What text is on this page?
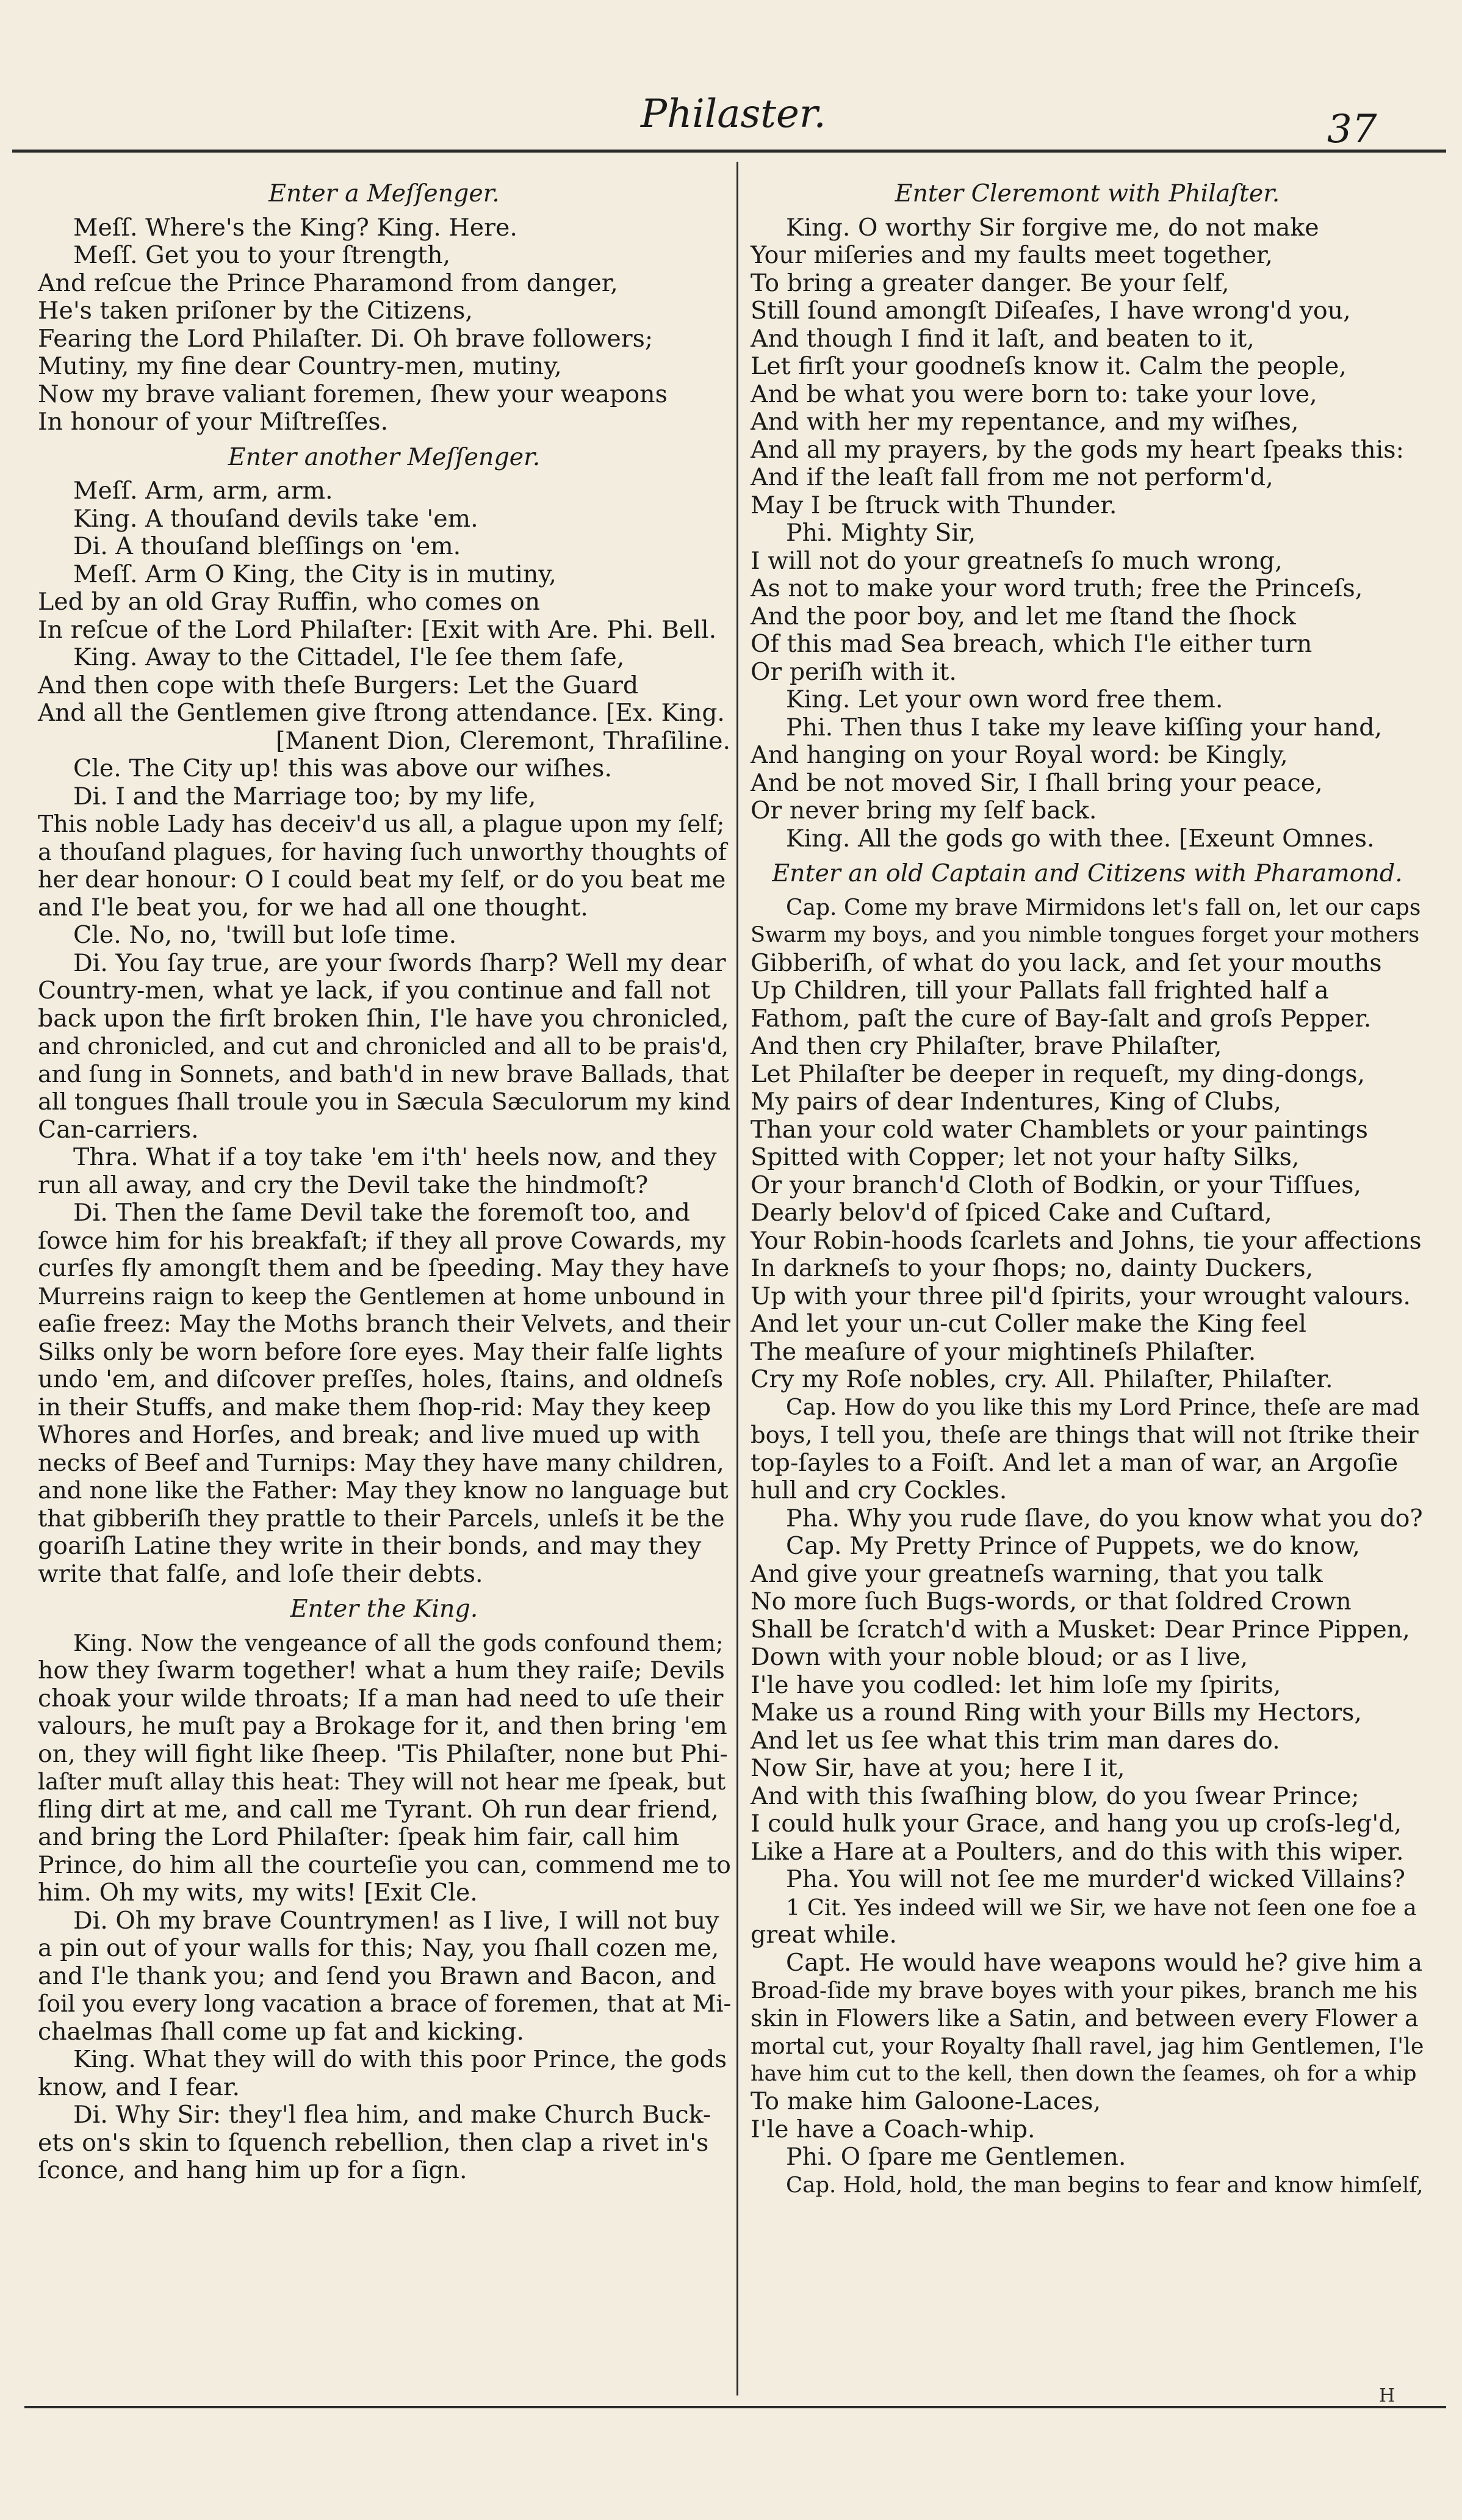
Philaster.	37
Enter a Meſſenger.
Meſſ. Where's the King? King. Here.
Meſſ. Get you to your ſtrength,
And reſcue the Prince Pharamond from danger,
He's taken priſoner by the Citizens,
Fearing the Lord Philaſter. Di. Oh brave followers;
Mutiny, my fine dear Country-men, mutiny,
Now my brave valiant foremen, ſhew your weapons
In honour of your Miſtreſſes.
Enter another Meſſenger.
Meſſ. Arm, arm, arm.
King. A thouſand devils take 'em.
Di. A thouſand bleſſings on 'em.
Meſſ. Arm O King, the City is in mutiny,
Led by an old Gray Ruffin, who comes on
In reſcue of the Lord Philaſter: [Exit with Are. Phi. Bell.
King. Away to the Cittadel, I'le ſee them ſafe,
And then cope with theſe Burgers: Let the Guard
And all the Gentlemen give ſtrong attendance. [Ex. King.
[Manent Dion, Cleremont, Thraſiline.
Cle. The City up! this was above our wiſhes.
Di. I and the Marriage too; by my life,
This noble Lady has deceiv'd us all, a plague upon my ſelf;
a thouſand plagues, for having ſuch unworthy thoughts of
her dear honour: O I could beat my ſelf, or do you beat me
and I'le beat you, for we had all one thought.
Cle. No, no, 'twill but loſe time.
Di. You ſay true, are your ſwords ſharp? Well my dear
Country-men, what ye lack, if you continue and fall not
back upon the firſt broken ſhin, I'le have you chronicled,
and chronicled, and cut and chronicled and all to be prais'd,
and ſung in Sonnets, and bath'd in new brave Ballads, that
all tongues ſhall troule you in Sæcula Sæculorum my kind
Can-carriers.
Thra. What if a toy take 'em i'th' heels now, and they
run all away, and cry the Devil take the hindmoſt?
Di. Then the ſame Devil take the foremoſt too, and
ſowce him for his breakfaſt; if they all prove Cowards, my
curſes fly amongſt them and be ſpeeding. May they have
Murreins raign to keep the Gentlemen at home unbound in
eaſie freez: May the Moths branch their Velvets, and their
Silks only be worn before ſore eyes. May their falſe lights
undo 'em, and diſcover preſſes, holes, ſtains, and oldneſs
in their Stuffs, and make them ſhop-rid: May they keep
Whores and Horſes, and break; and live mued up with
necks of Beef and Turnips: May they have many children,
and none like the Father: May they know no language but
that gibberiſh they prattle to their Parcels, unleſs it be the
goariſh Latine they write in their bonds, and may they
write that falſe, and loſe their debts.
Enter the King.
King. Now the vengeance of all the gods confound them;
how they ſwarm together! what a hum they raiſe; Devils
choak your wilde throats; If a man had need to uſe their
valours, he muſt pay a Brokage for it, and then bring 'em
on, they will fight like ſheep. 'Tis Philaſter, none but Phi-
laſter muſt allay this heat: They will not hear me ſpeak, but
fling dirt at me, and call me Tyrant. Oh run dear friend,
and bring the Lord Philaſter: ſpeak him fair, call him
Prince, do him all the courteſie you can, commend me to
him. Oh my wits, my wits! [Exit Cle.
Di. Oh my brave Countrymen! as I live, I will not buy
a pin out of your walls for this; Nay, you ſhall cozen me,
and I'le thank you; and ſend you Brawn and Bacon, and
ſoil you every long vacation a brace of foremen, that at Mi-
chaelmas ſhall come up fat and kicking.
King. What they will do with this poor Prince, the gods
know, and I fear.
Di. Why Sir: they'l flea him, and make Church Buck-
ets on's skin to ſquench rebellion, then clap a rivet in's
ſconce, and hang him up for a ſign.
Enter Cleremont with Philaſter.
King. O worthy Sir forgive me, do not make
Your miſeries and my faults meet together,
To bring a greater danger. Be your ſelf,
Still ſound amongſt Diſeaſes, I have wrong'd you,
And though I find it laſt, and beaten to it,
Let firſt your goodneſs know it. Calm the people,
And be what you were born to: take your love,
And with her my repentance, and my wiſhes,
And all my prayers, by the gods my heart ſpeaks this:
And if the leaſt fall from me not perform'd,
May I be ſtruck with Thunder.
Phi. Mighty Sir,
I will not do your greatneſs ſo much wrong,
As not to make your word truth; free the Princeſs,
And the poor boy, and let me ſtand the ſhock
Of this mad Sea breach, which I'le either turn
Or periſh with it.
King. Let your own word free them.
Phi. Then thus I take my leave kiſſing your hand,
And hanging on your Royal word: be Kingly,
And be not moved Sir, I ſhall bring your peace,
Or never bring my ſelf back.
King. All the gods go with thee. [Exeunt Omnes.
Enter an old Captain and Citizens with Pharamond.
Cap. Come my brave Mirmidons let's fall on, let our caps
Swarm my boys, and you nimble tongues forget your mothers
Gibberiſh, of what do you lack, and ſet your mouths
Up Children, till your Pallats fall frighted half a
Fathom, paſt the cure of Bay-ſalt and groſs Pepper.
And then cry Philaſter, brave Philaſter,
Let Philaſter be deeper in requeſt, my ding-dongs,
My pairs of dear Indentures, King of Clubs,
Than your cold water Chamblets or your paintings
Spitted with Copper; let not your haſty Silks,
Or your branch'd Cloth of Bodkin, or your Tiſſues,
Dearly belov'd of ſpiced Cake and Cuſtard,
Your Robin-hoods ſcarlets and Johns, tie your affections
In darkneſs to your ſhops; no, dainty Duckers,
Up with your three pil'd ſpirits, your wrought valours.
And let your un-cut Coller make the King feel
The meaſure of your mightineſs Philaſter.
Cry my Roſe nobles, cry. All. Philaſter, Philaſter.
Cap. How do you like this my Lord Prince, theſe are mad
boys, I tell you, theſe are things that will not ſtrike their
top-ſayles to a Foiſt. And let a man of war, an Argoſie
hull and cry Cockles.
Pha. Why you rude ſlave, do you know what you do?
Cap. My Pretty Prince of Puppets, we do know,
And give your greatneſs warning, that you talk
No more ſuch Bugs-words, or that ſoldred Crown
Shall be ſcratch'd with a Musket: Dear Prince Pippen,
Down with your noble bloud; or as I live,
I'le have you codled: let him loſe my ſpirits,
Make us a round Ring with your Bills my Hectors,
And let us ſee what this trim man dares do.
Now Sir, have at you; here I it,
And with this ſwaſhing blow, do you ſwear Prince;
I could hulk your Grace, and hang you up croſs-leg'd,
Like a Hare at a Poulters, and do this with this wiper.
Pha. You will not ſee me murder'd wicked Villains?
1 Cit. Yes indeed will we Sir, we have not ſeen one foe a
great while.
Capt. He would have weapons would he? give him a
Broad-ſide my brave boyes with your pikes, branch me his
skin in Flowers like a Satin, and between every Flower a
mortal cut, your Royalty ſhall ravel, jag him Gentlemen, I'le
have him cut to the kell, then down the ſeames, oh for a whip
To make him Galoone-Laces,
I'le have a Coach-whip.
Phi. O ſpare me Gentlemen.
Cap. Hold, hold, the man begins to fear and know himſelf,
H
